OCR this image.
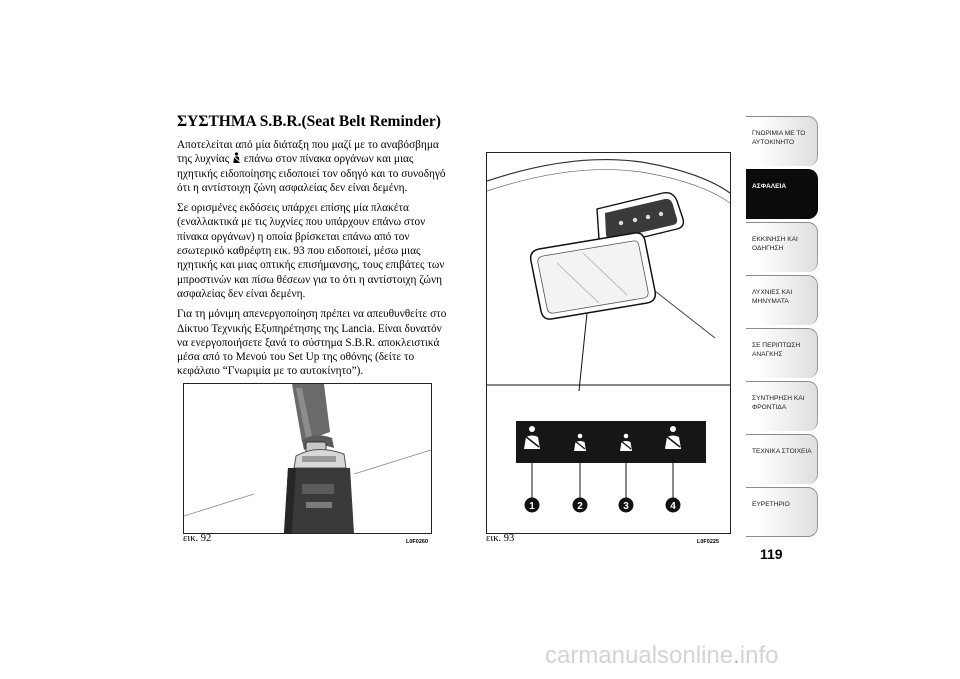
ΣΥΣΤΗΜΑ S.B.R.(Seat Belt Reminder)

Αποτελείται από μία διάταξη που μαζί με το αναβόσβημα της λυχνίας  επάνω στον πίνακα οργάνων και μιας ηχητικής ειδοποίησης ειδοποιεί τον οδηγό και το συνοδηγό ότι η αντίστοιχη ζώνη ασφαλείας δεν είναι δεμένη.

Σε ορισμένες εκδόσεις υπάρχει επίσης μία πλακέτα (εναλλακτικά με τις λυχνίες που υπάρχουν επάνω στον πίνακα οργάνων) η οποία βρίσκεται επάνω από τον εσωτερικό καθρέφτη εικ. 93 που ειδοποιεί, μέσω μιας ηχητικής και μιας οπτικής επισήμανσης, τους επιβάτες των μπροστινών και πίσω θέσεων για το ότι η αντίστοιχη ζώνη ασφαλείας δεν είναι δεμένη.

Για τη μόνιμη απενεργοποίηση πρέπει να απευθυνθείτε στο Δίκτυο Τεχνικής Εξυπηρέτησης της Lancia. Είναι δυνατόν να ενεργοποιήσετε ξανά το σύστημα S.B.R. αποκλειστικά μέσα από το Μενού του Set Up της οθόνης (δείτε το κεφάλαιο “Γνωριμία με το αυτοκίνητο”).

εικ. 92	L0F0260
1	2	3	4
εικ. 93	L0F0225
ΓΝΩΡΙΜΙΑ ΜΕ ΤΟ ΑΥΤΟΚΙΝΗΤΟ
ΑΣΦΑΛΕΙΑ
ΕΚΚΙΝΗΣΗ ΚΑΙ ΟΔΗΓΗΣΗ
ΛΥΧΝΙΕΣ ΚΑΙ ΜΗΝΥΜΑΤΑ
ΣΕ ΠΕΡΙΠΤΩΣΗ ΑΝΑΓΚΗΣ
ΣΥΝΤΗΡΗΣΗ ΚΑΙ ΦΡΟΝΤΙΔΑ
ΤΕΧΝΙΚΑ ΣΤΟΙΧΕΙΑ
ΕΥΡΕΤΗΡΙΟ
119
carmanualsonline.info
